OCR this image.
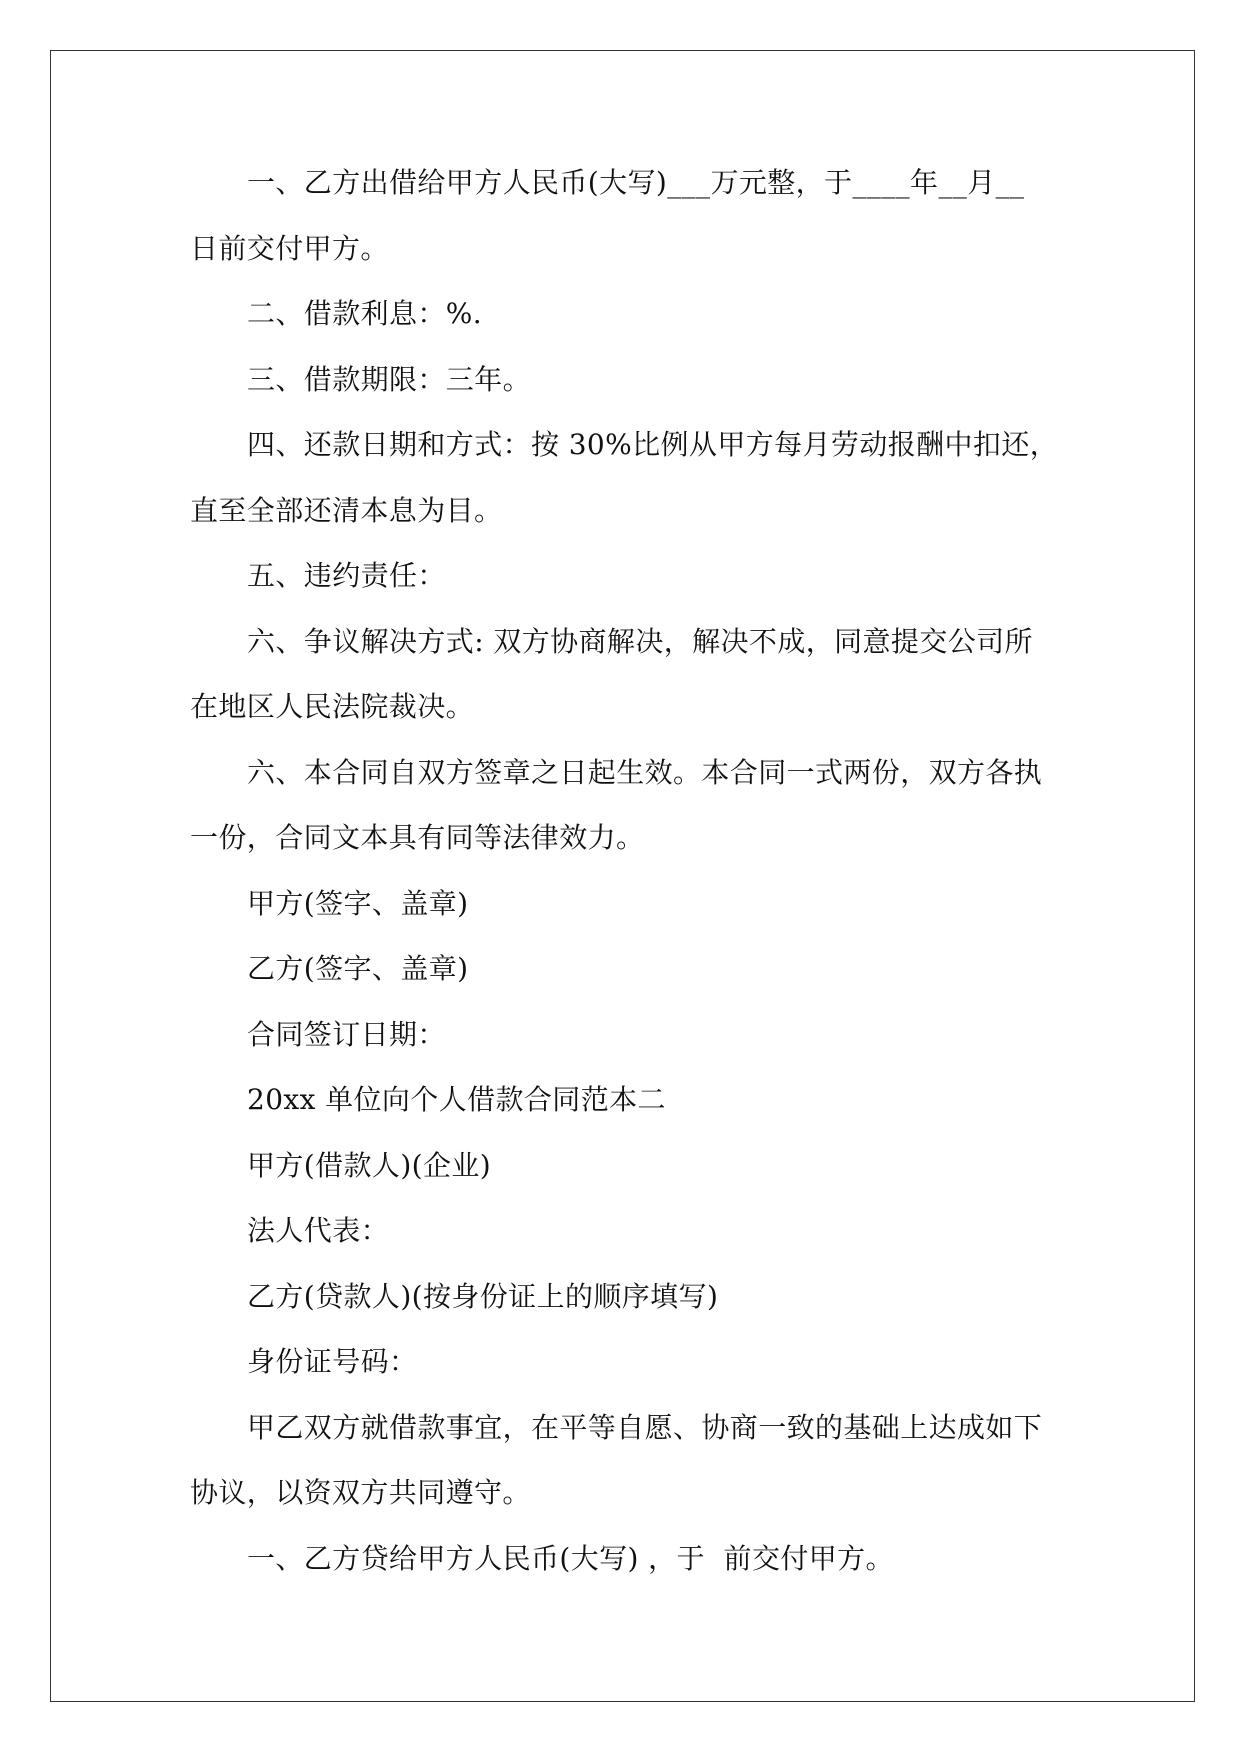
一、乙方出借给甲方人民币(大写)___万元整，于____年__月__
日前交付甲方。
二、借款利息：%.
三、借款期限：三年。
四、还款日期和方式：按 30%比例从甲方每月劳动报酬中扣还，
直至全部还清本息为目。
五、违约责任：
六、争议解决方式: 双方协商解决，解决不成，同意提交公司所
在地区人民法院裁决。
六、本合同自双方签章之日起生效。本合同一式两份，双方各执
一份，合同文本具有同等法律效力。
甲方(签字、盖章)
乙方(签字、盖章)
合同签订日期：
20xx 单位向个人借款合同范本二
甲方(借款人)(企业)
法人代表：
乙方(贷款人)(按身份证上的顺序填写)
身份证号码：
甲乙双方就借款事宜，在平等自愿、协商一致的基础上达成如下
协议，以资双方共同遵守。
一、乙方贷给甲方人民币(大写) ，于  前交付甲方。
